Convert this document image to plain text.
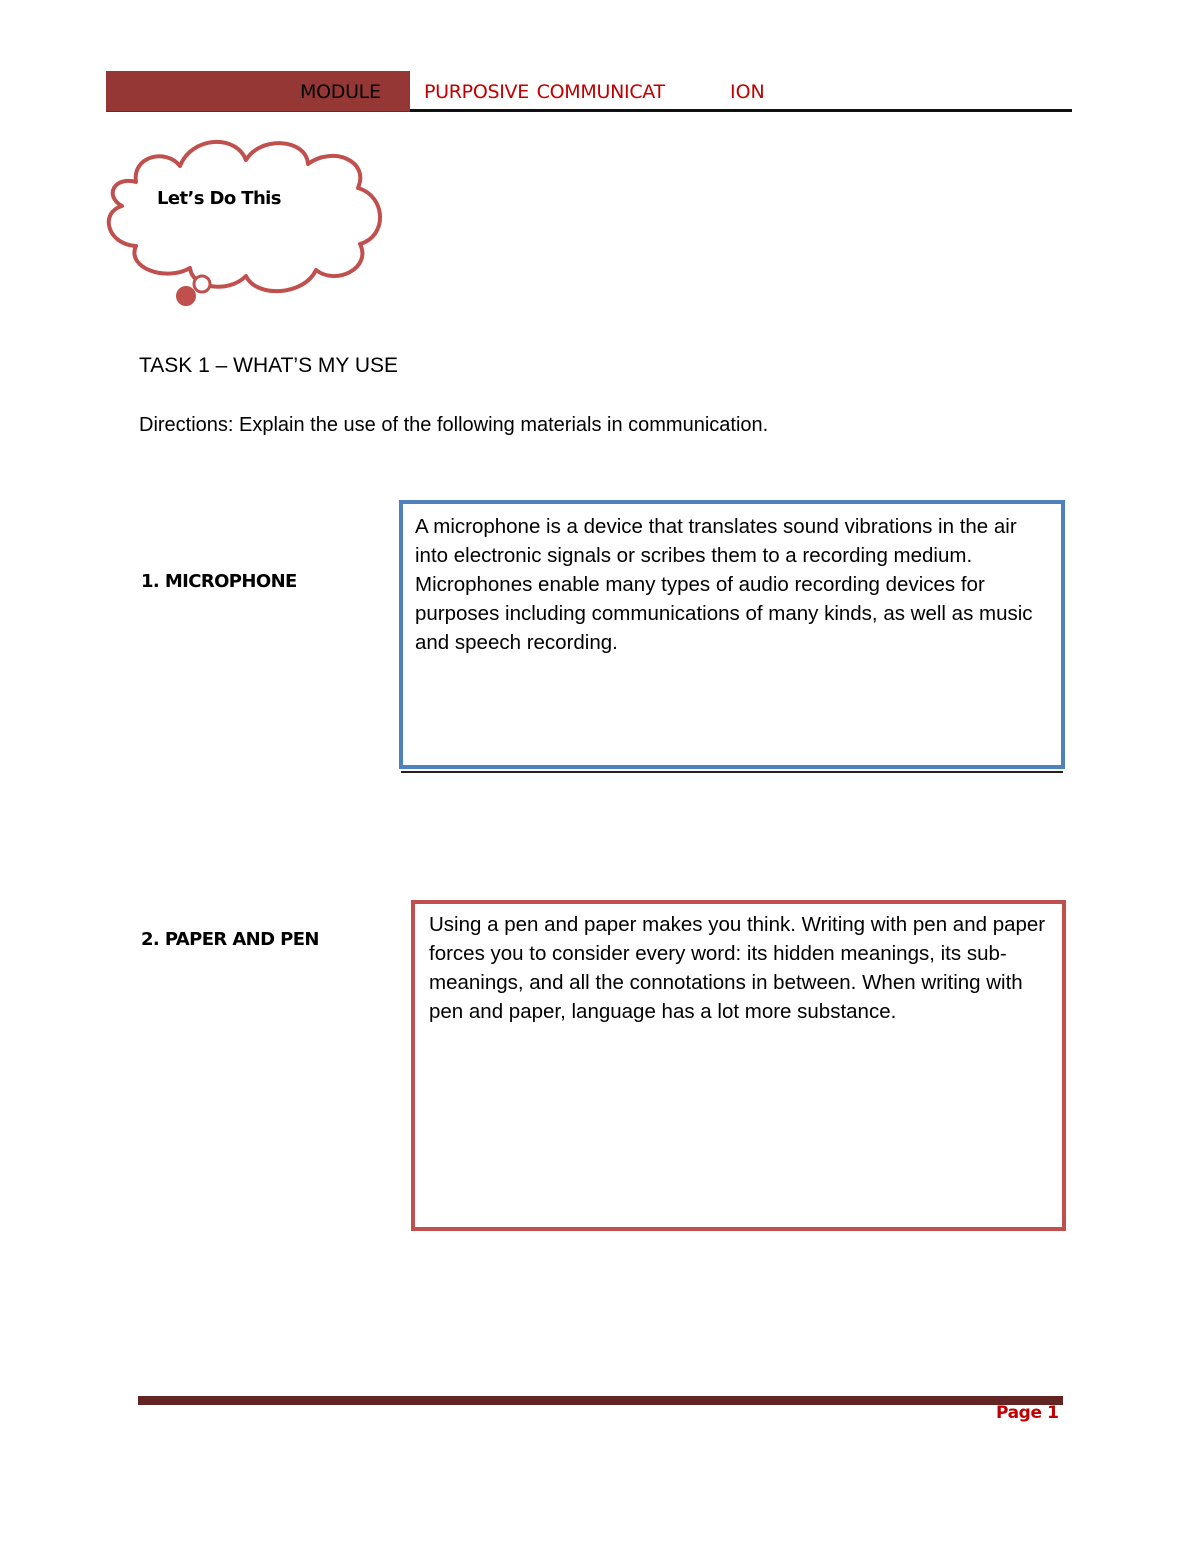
MODULE PURPOSIVE COMMUNICAT	ION
Let’s Do This
TASK 1 – WHAT’S MY USE
Directions: Explain the use of the following materials in communication.
1. MICROPHONE
A microphone is a device that translates sound vibrations in the air into electronic signals or scribes them to a recording medium. Microphones enable many types of audio recording devices for purposes including communications of many kinds, as well as music and speech recording.
2. PAPER AND PEN
Using a pen and paper makes you think. Writing with pen and paper forces you to consider every word: its hidden meanings, its sub-meanings, and all the connotations in between. When writing with pen and paper, language has a lot more substance.
Page 1
